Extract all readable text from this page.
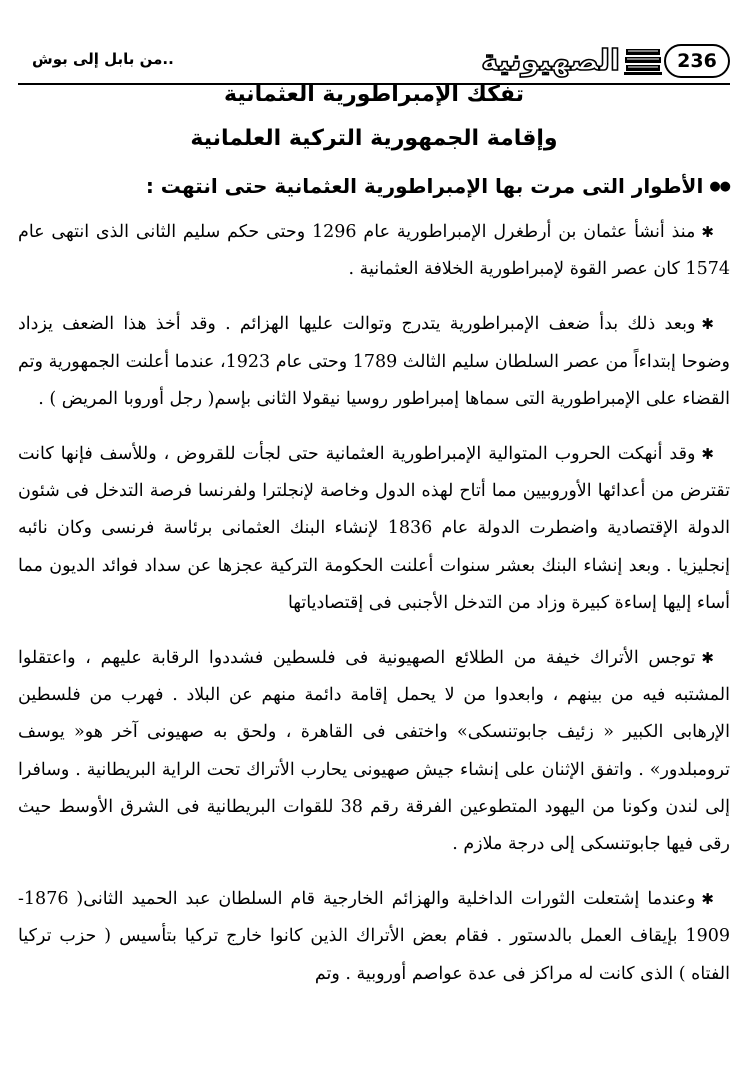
236
الصهيونية
..من بابل إلى بوش
تفكك الإمبراطورية العثمانية
وإقامة الجمهورية التركية العلمانية
●●
الأطوار التى مرت بها الإمبراطورية العثمانية حتى انتهت :

✱منذ أنشأ عثمان بن أرطغرل الإمبراطورية عام 1296 وحتى حكم سليم الثانى الذى انتهى عام 1574 كان عصر القوة لإمبراطورية الخلافة العثمانية .

✱وبعد ذلك بدأ ضعف الإمبراطورية يتدرج وتوالت عليها الهزائم . وقد أخذ هذا الضعف يزداد وضوحا إبتداءاً من عصر السلطان سليم الثالث 1789 وحتى عام 1923، عندما أعلنت الجمهورية وتم القضاء على الإمبراطورية التى سماها إمبراطور روسيا نيقولا الثانى بإسم( رجل أوروبا المريض ) .

✱وقد أنهكت الحروب المتوالية الإمبراطورية العثمانية حتى لجأت للقروض ، وللأسف فإنها كانت تقترض من أعدائها الأوروبيين مما أتاح لهذه الدول وخاصة لإنجلترا ولفرنسا فرصة التدخل فى شئون الدولة الإقتصادية واضطرت الدولة عام 1836 لإنشاء البنك العثمانى برئاسة فرنسى وكان نائبه إنجليزيا . وبعد إنشاء البنك بعشر سنوات أعلنت الحكومة التركية عجزها عن سداد فوائد الديون مما أساء إليها إساءة كبيرة وزاد من التدخل الأجنبى فى إقتصادياتها

✱توجس الأتراك خيفة من الطلائع الصهيونية فى فلسطين فشددوا الرقابة عليهم ، واعتقلوا المشتبه فيه من بينهم ، وابعدوا من لا يحمل إقامة دائمة منهم عن البلاد . فهرب من فلسطين الإرهابى الكبير « زئيف جابوتنسكى» واختفى فى القاهرة ، ولحق به صهيونى آخر هو« يوسف ترومبلدور» . واتفق الإثنان على إنشاء جيش صهيونى يحارب الأتراك تحت الراية البريطانية . وسافرا إلى لندن وكونا من اليهود المتطوعين الفرقة رقم 38 للقوات البريطانية فى الشرق الأوسط حيث رقى فيها جابوتنسكى إلى درجة ملازم .

✱وعندما إشتعلت الثورات الداخلية والهزائم الخارجية قام السلطان عبد الحميد الثانى( 1876-1909 بإيقاف العمل بالدستور . فقام بعض الأتراك الذين كانوا خارج تركيا بتأسيس ( حزب تركيا الفتاه ) الذى كانت له مراكز فى عدة عواصم أوروبية . وتم
